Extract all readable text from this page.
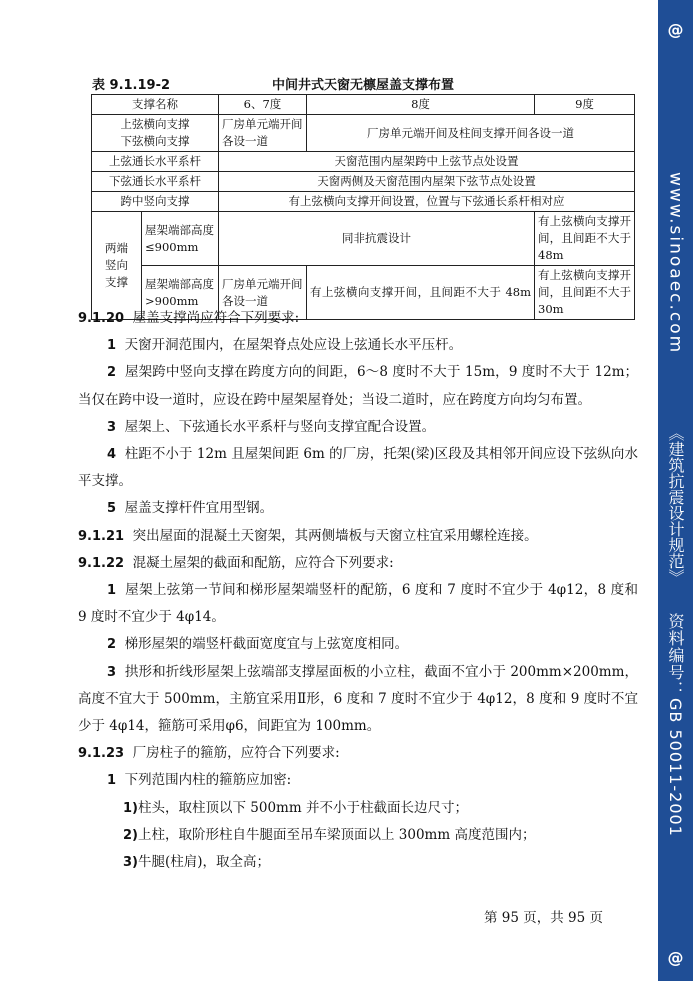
@
www.sinoaec.com
《建筑抗震设计规范》
资料编号：GB 50011-2001
@
表 9.1.19-2	中间井式天窗无檩屋盖支撑布置
支撑名称		6、7度	8度	9度

上弦横向支撑
下弦横向支撑		厂房单元端开间各设一道	厂房单元端开间及柱间支撑开间各设一道	
上弦通长水平系杆		天窗范围内屋架跨中上弦节点处设置		
下弦通长水平系杆		天窗两侧及天窗范围内屋架下弦节点处设置		
跨中竖向支撑		有上弦横向支撑开间设置，位置与下弦通长系杆相对应		
两端竖向支撑	屋架端部高度≤900mm	同非抗震设计		有上弦横向支撑开间，且间距不大于 48m
	屋架端部高度>900mm	厂房单元端开间各设一道	有上弦横向支撑开间，且间距不大于 48m	有上弦横向支撑开间，且间距不大于 30m

9.1.20 屋盖支撑尚应符合下列要求:

1 天窗开洞范围内，在屋架脊点处应设上弦通长水平压杆。

2 屋架跨中竖向支撑在跨度方向的间距，6～8 度时不大于 15m，9 度时不大于 12m；当仅在跨中设一道时，应设在跨中屋架屋脊处；当设二道时，应在跨度方向均匀布置。

3 屋架上、下弦通长水平系杆与竖向支撑宜配合设置。

4 柱距不小于 12m 且屋架间距 6m 的厂房，托架(梁)区段及其相邻开间应设下弦纵向水平支撑。

5 屋盖支撑杆件宜用型钢。

9.1.21 突出屋面的混凝土天窗架，其两侧墙板与天窗立柱宜采用螺栓连接。

9.1.22 混凝土屋架的截面和配筋，应符合下列要求:

1 屋架上弦第一节间和梯形屋架端竖杆的配筋，6 度和 7 度时不宜少于 4φ12，8 度和 9 度时不宜少于 4φ14。

2 梯形屋架的端竖杆截面宽度宜与上弦宽度相同。

3 拱形和折线形屋架上弦端部支撑屋面板的小立柱，截面不宜小于 200mm×200mm，高度不宜大于 500mm，主筋宜采用Ⅱ形，6 度和 7 度时不宜少于 4φ12，8 度和 9 度时不宜少于 4φ14，箍筋可采用φ6，间距宜为 100mm。

9.1.23 厂房柱子的箍筋，应符合下列要求:

1 下列范围内柱的箍筋应加密:

1)柱头，取柱顶以下 500mm 并不小于柱截面长边尺寸；

2)上柱，取阶形柱自牛腿面至吊车梁顶面以上 300mm 高度范围内；

3)牛腿(柱肩)，取全高；

第 95 页，共 95 页
